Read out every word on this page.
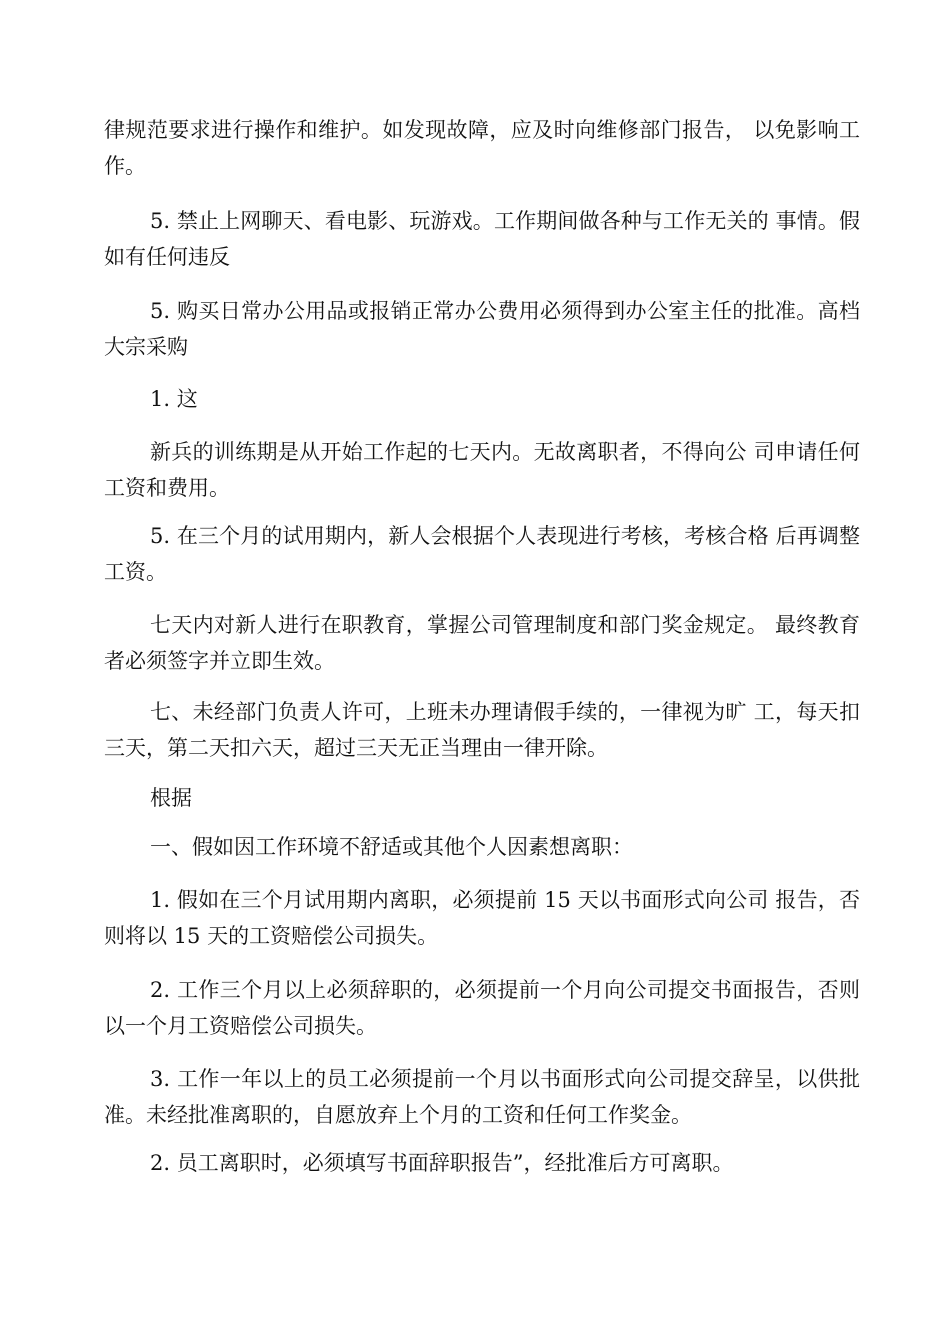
律规范要求进行操作和维护。如发现故障，应及时向维修部门报告， 以免影响工作。

5. 禁止上网聊天、看电影、玩游戏。工作期间做各种与工作无关的 事情。假如有任何违反

5. 购买日常办公用品或报销正常办公费用必须得到办公室主任的批准。高档大宗采购

1. 这

新兵的训练期是从开始工作起的七天内。无故离职者，不得向公 司申请任何工资和费用。

5. 在三个月的试用期内，新人会根据个人表现进行考核，考核合格 后再调整工资。

七天内对新人进行在职教育，掌握公司管理制度和部门奖金规定。 最终教育者必须签字并立即生效。

七、未经部门负责人许可，上班未办理请假手续的，一律视为旷 工，每天扣三天，第二天扣六天，超过三天无正当理由一律开除。

根据

一、假如因工作环境不舒适或其他个人因素想离职：

1. 假如在三个月试用期内离职，必须提前 15 天以书面形式向公司 报告，否则将以 15 天的工资赔偿公司损失。

2. 工作三个月以上必须辞职的，必须提前一个月向公司提交书面报告，否则以一个月工资赔偿公司损失。

3. 工作一年以上的员工必须提前一个月以书面形式向公司提交辞呈，以供批准。未经批准离职的，自愿放弃上个月的工资和任何工作奖金。

2. 员工离职时，必须填写书面辞职报告”，经批准后方可离职。
